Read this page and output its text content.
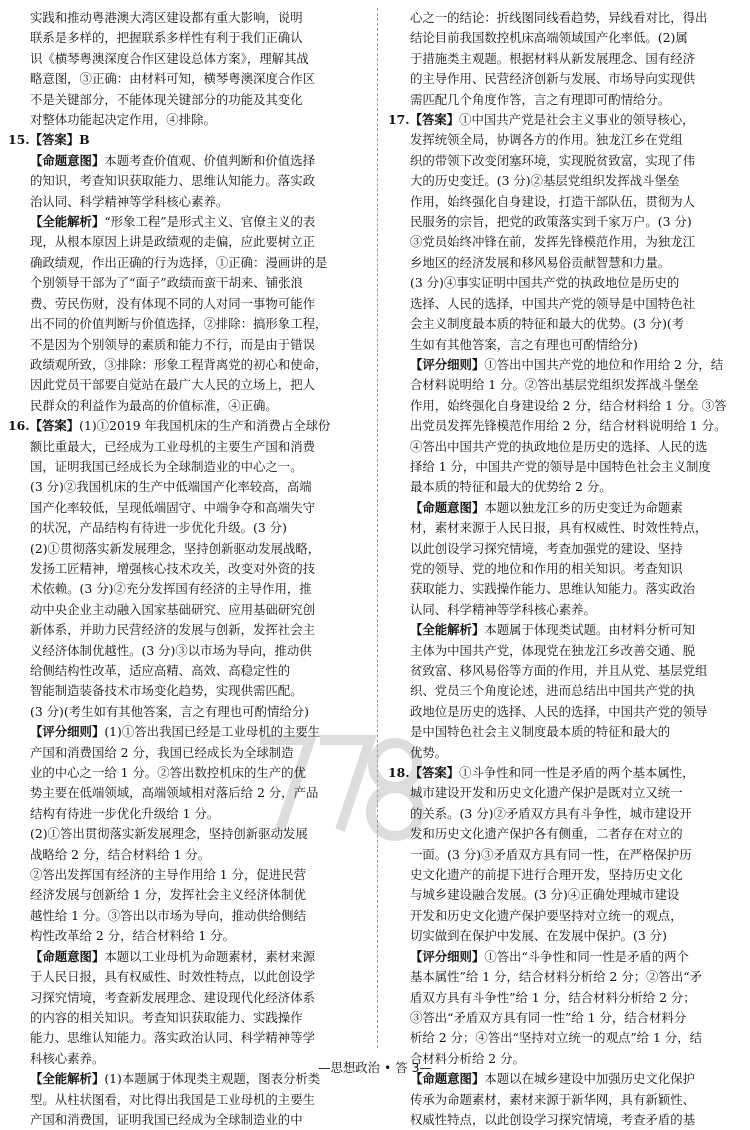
实践和推动粤港澳大湾区建设都有重大影响，说明

联系是多样的，把握联系多样性有利于我们正确认

识《横琴粤澳深度合作区建设总体方案》，理解其战

略意图，③正确：由材料可知，横琴粤澳深度合作区

不是关键部分，不能体现关键部分的功能及其变化

对整体功能起决定作用，④排除。

15.【答案】B

【命题意图】本题考查价值观、价值判断和价值选择

的知识，考查知识获取能力、思维认知能力。落实政

治认同、科学精神等学科核心素养。

【全能解析】“形象工程”是形式主义、官僚主义的表

现，从根本原因上讲是政绩观的走偏，应此要树立正

确政绩观，作出正确的行为选择，①正确：漫画讲的是

个别领导干部为了“面子”政绩而蛮干胡来、铺张浪

费、劳民伤财，没有体现不同的人对同一事物可能作

出不同的价值判断与价值选择，②排除：搞形象工程，

不是因为个别领导的素质和能力不行，而是由于错误

政绩观所致，③排除：形象工程背离党的初心和使命，

因此党员干部要自觉站在最广大人民的立场上，把人

民群众的利益作为最高的价值标准，④正确。

16.【答案】(1)①2019 年我国机床的生产和消费占全球份

额比重最大，已经成为工业母机的主要生产国和消费

国，证明我国已经成长为全球制造业的中心之一。

(3 分)②我国机床的生产中低端国产化率较高，高端

国产化率较低，呈现低端固守、中端争夺和高端失守

的状况，产品结构有待进一步优化升级。(3 分)

(2)①贯彻落实新发展理念，坚持创新驱动发展战略，

发扬工匠精神，增强核心技术攻关，改变对外资的技

术依赖。(3 分)②充分发挥国有经济的主导作用，推

动中央企业主动融入国家基础研究、应用基础研究创

新体系，并助力民营经济的发展与创新，发挥社会主

义经济体制优越性。(3 分)③以市场为导向，推动供

给侧结构性改革，适应高精、高效、高稳定性的

智能制造装备技术市场变化趋势，实现供需匹配。

(3 分)(考生如有其他答案，言之有理也可酌情给分)

【评分细则】(1)①答出我国已经是工业母机的主要生

产国和消费国给 2 分，我国已经成长为全球制造

业的中心之一给 1 分。②答出数控机床的生产的优

势主要在低端领域，高端领域相对落后给 2 分，产品

结构有待进一步优化升级给 1 分。

(2)①答出贯彻落实新发展理念，坚持创新驱动发展

战略给 2 分，结合材料给 1 分。

②答出发挥国有经济的主导作用给 1 分，促进民营

经济发展与创新给 1 分，发挥社会主义经济体制优

越性给 1 分。③答出以市场为导向，推动供给侧结

构性改革给 2 分，结合材料给 1 分。

【命题意图】本题以工业母机为命题素材，素材来源

于人民日报，具有权威性、时效性特点，以此创设学

习探究情境，考查新发展理念、建设现代化经济体系

的内容的相关知识。考查知识获取能力、实践操作

能力、思维认知能力。落实政治认同、科学精神等学

科核心素养。

【全能解析】(1)本题属于体现类主观题，图表分析类

型。从柱状图看，对比得出我国是工业母机的主要生

产国和消费国，证明我国已经成为全球制造业的中

心之一的结论：折线图同线看趋势，异线看对比，得出

结论目前我国数控机床高端领域国产化率低。(2)属

于措施类主观题。根据材料从新发展理念、国有经济

的主导作用、民营经济创新与发展、市场导向实现供

需匹配几个角度作答，言之有理即可酌情给分。

17.【答案】①中国共产党是社会主义事业的领导核心，

发挥统领全局，协调各方的作用。独龙江乡在党组

织的带领下改变闭塞环境，实现脱贫致富，实现了伟

大的历史变迁。(3 分)②基层党组织发挥战斗堡垒

作用，始终强化自身建设，打造干部队伍，贯彻为人

民服务的宗旨，把党的政策落实到千家万户。(3 分)

③党员始终冲锋在前，发挥先锋模范作用，为独龙江

乡地区的经济发展和移风易俗贡献智慧和力量。

(3 分)④事实证明中国共产党的执政地位是历史的

选择、人民的选择，中国共产党的领导是中国特色社

会主义制度最本质的特征和最大的优势。(3 分)(考

生如有其他答案，言之有理也可酌情给分)

【评分细则】①答出中国共产党的地位和作用给 2 分，结

合材料说明给 1 分。②答出基层党组织发挥战斗堡垒

作用，始终强化自身建设给 2 分，结合材料给 1 分。③答

出党员发挥先锋模范作用给 2 分，结合材料说明给 1 分。

④答出中国共产党的执政地位是历史的选择、人民的选

择给 1 分，中国共产党的领导是中国特色社会主义制度

最本质的特征和最大的优势给 2 分。

【命题意图】本题以独龙江乡的历史变迁为命题素

材，素材来源于人民日报，具有权威性、时效性特点，

以此创设学习探究情境，考查加强党的建设、坚持

党的领导、党的地位和作用的相关知识。考查知识

获取能力、实践操作能力、思维认知能力。落实政治

认同、科学精神等学科核心素养。

【全能解析】本题属于体现类试题。由材料分析可知

主体为中国共产党，体现党在独龙江乡改善交通、脱

贫致富、移风易俗等方面的作用，并且从党、基层党组

织、党员三个角度论述，进而总结出中国共产党的执

政地位是历史的选择、人民的选择，中国共产党的领导

是中国特色社会主义制度最本质的特征和最大的

优势。

18.【答案】①斗争性和同一性是矛盾的两个基本属性，

城市建设开发和历史文化遗产保护是既对立又统一

的关系。(3 分)②矛盾双方具有斗争性，城市建设开

发和历史文化遗产保护各有侧重，二者存在对立的

一面。(3 分)③矛盾双方具有同一性，在严格保护历

史文化遗产的前提下进行合理开发，坚持历史文化

与城乡建设融合发展。(3 分)④正确处理城市建设

开发和历史文化遗产保护要坚持对立统一的观点，

切实做到在保护中发展、在发展中保护。(3 分)

【评分细则】①答出“斗争性和同一性是矛盾的两个

基本属性”给 1 分，结合材料分析给 2 分；②答出“矛

盾双方具有斗争性”给 1 分，结合材料分析给 2 分；

③答出“矛盾双方具有同一性”给 1 分，结合材料分

析给 2 分；④答出“坚持对立统一的观点”给 1 分，结

合材料分析给 2 分。

【命题意图】本题以在城乡建设中加强历史文化保护

传承为命题素材，素材来源于新华网，具有新颖性、

权威性特点，以此创设学习探究情境，考查矛盾的基

—思想政治 • 答 3—
